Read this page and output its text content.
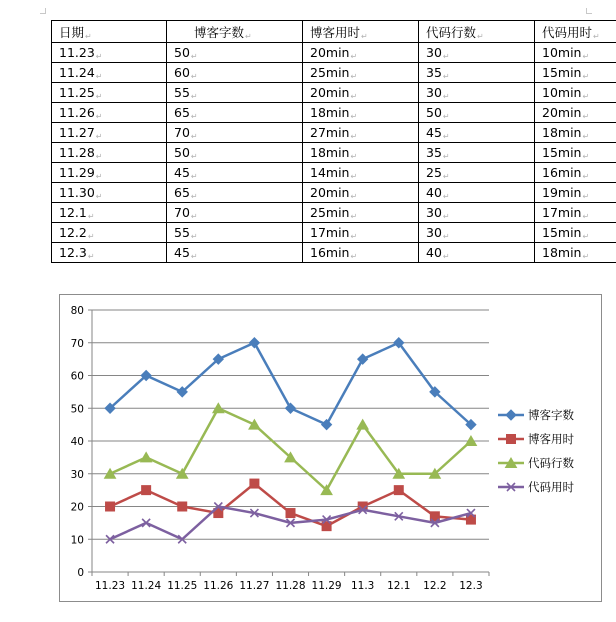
日期↵	博客字数↵	博客用时↵	代码行数↵	代码用时↵
11.23↵	50↵	20min↵	30↵	10min↵
11.24↵	60↵	25min↵	35↵	15min↵
11.25↵	55↵	20min↵	30↵	10min↵
11.26↵	65↵	18min↵	50↵	20min↵
11.27↵	70↵	27min↵	45↵	18min↵
11.28↵	50↵	18min↵	35↵	15min↵
11.29↵	45↵	14min↵	25↵	16min↵
11.30↵	65↵	20min↵	40↵	19min↵
12.1↵	70↵	25min↵	30↵	17min↵
12.2↵	55↵	17min↵	30↵	15min↵
12.3↵	45↵	16min↵	40↵	18min↵
0
10
20
30
40
50
60
70
80
11.23 11.24 11.25 11.26 11.27 11.28 11.29 11.3 12.1 12.2 12.3
博客字数
博客用时
代码行数
代码用时
